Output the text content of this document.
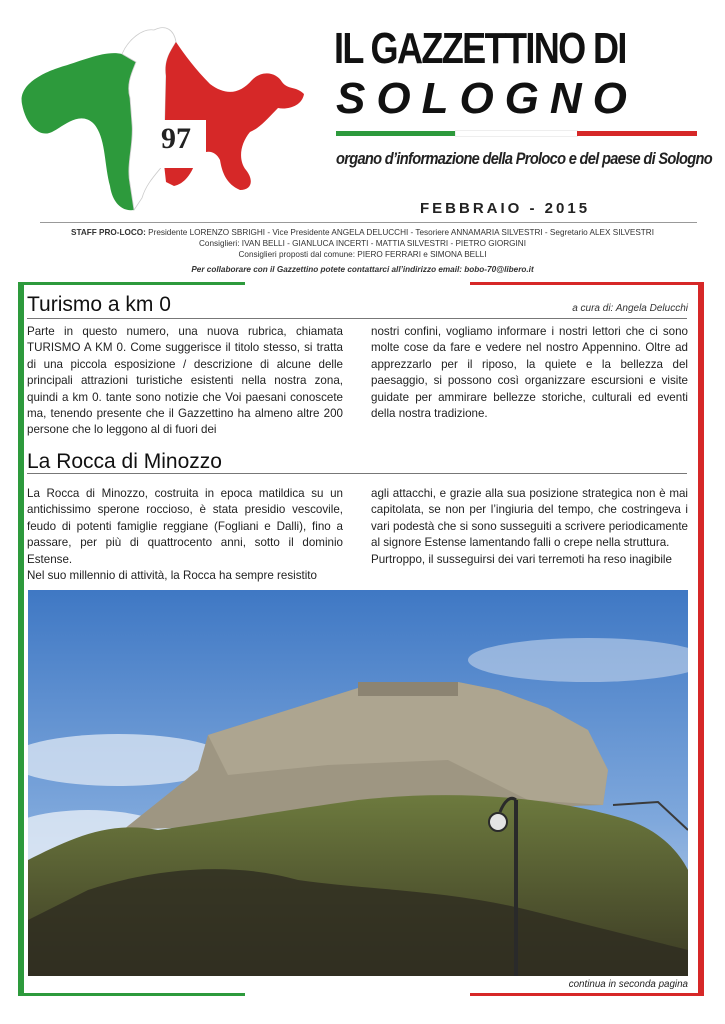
97
IL GAZZETTINO DI
SOLOGNO
organo d’informazione della Proloco e del paese di Sologno
FEBBRAIO - 2015
STAFF PRO-LOCO: Presidente LORENZO SBRIGHI - Vice Presidente ANGELA DELUCCHI - Tesoriere ANNAMARIA SILVESTRI - Segretario ALEX SILVESTRI
Consiglieri: IVAN BELLI - GIANLUCA INCERTI - MATTIA SILVESTRI - PIETRO GIORGINI
Consiglieri proposti dal comune: PIERO FERRARI e SIMONA BELLI
Per collaborare con il Gazzettino potete contattarci all’indirizzo email: bobo-70@libero.it
Turismo a km 0	a cura di: Angela Delucchi
Parte in questo numero, una nuova rubrica, chiamata TURISMO A KM 0. Come suggerisce il titolo stesso, si tratta di una piccola esposizione / descrizione di alcune delle principali attrazioni turistiche esistenti nella nostra zona, quindi a km 0. tante sono notizie che Voi paesani conoscete ma, tenendo presente che il Gazzettino ha almeno altre 200 persone che lo leggono al di fuori dei
nostri confini, vogliamo informare i nostri lettori che ci sono molte cose da fare e vedere nel nostro Appennino. Oltre ad apprezzarlo per il riposo, la quiete e la bellezza del paesaggio, si possono così organizzare escursioni e visite guidate per ammirare bellezze storiche, culturali ed eventi della nostra tradizione.
La Rocca di Minozzo
La Rocca di Minozzo, costruita in epoca matildica su un antichissimo sperone roccioso, è stata presidio vescovile, feudo di potenti famiglie reggiane (Fogliani e Dalli), fino a passare, per più di quattrocento anni, sotto il dominio Estense.
Nel suo millennio di attività, la Rocca ha sempre resistito
agli attacchi, e grazie alla sua posizione strategica non è mai capitolata, se non per l’ingiuria del tempo, che costringeva i vari podestà che si sono susseguiti a scrivere periodicamente al signore Estense lamentando falli o crepe nella struttura.
Purtroppo, il susseguirsi dei vari terremoti ha reso inagibile
continua in seconda pagina
